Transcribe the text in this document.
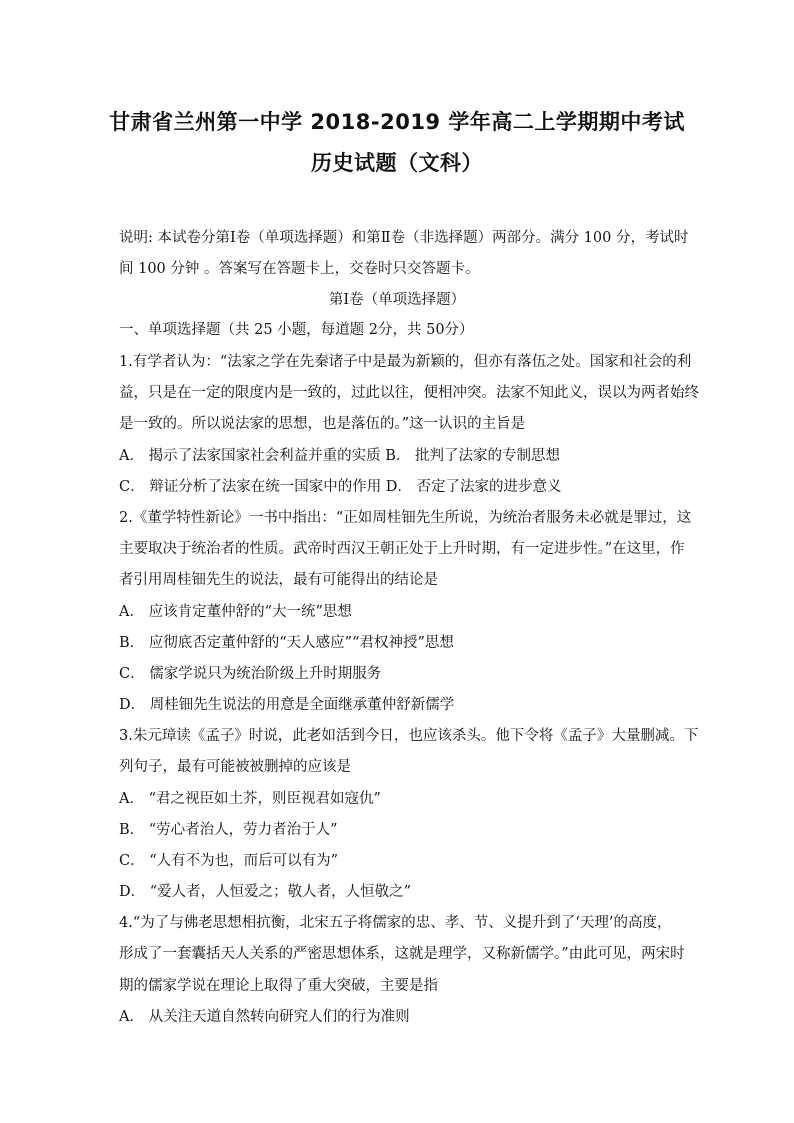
甘肃省兰州第一中学 2018-2019 学年高二上学期期中考试
历史试题（文科）
说明: 本试卷分第Ⅰ卷（单项选择题）和第Ⅱ卷（非选择题）两部分。满分 100 分，考试时
间 100 分钟 。答案写在答题卡上，交卷时只交答题卡。
第Ⅰ卷（单项选择题）
一、单项选择题（共 25 小题，每道题 2分，共 50分）
1.有学者认为：“法家之学在先秦诸子中是最为新颖的，但亦有落伍之处。国家和社会的利
益，只是在一定的限度内是一致的，过此以往，便相冲突。法家不知此义，误以为两者始终
是一致的。所以说法家的思想，也是落伍的。”这一认识的主旨是
A． 揭示了法家国家社会利益并重的实质 B． 批判了法家的专制思想
C． 辩证分析了法家在统一国家中的作用 D． 否定了法家的进步意义
2.《董学特性新论》一书中指出：“正如周桂钿先生所说，为统治者服务未必就是罪过，这
主要取决于统治者的性质。武帝时西汉王朝正处于上升时期，有一定进步性。”在这里，作
者引用周桂钿先生的说法，最有可能得出的结论是
A． 应该肯定董仲舒的“大一统”思想
B． 应彻底否定董仲舒的“天人感应”“君权神授”思想
C． 儒家学说只为统治阶级上升时期服务
D． 周桂钿先生说法的用意是全面继承董仲舒新儒学
3.朱元璋读《孟子》时说，此老如活到今日，也应该杀头。他下令将《孟子》大量删减。下
列句子，最有可能被被删掉的应该是
A． “君之视臣如土芥，则臣视君如寇仇”
B． “劳心者治人，劳力者治于人”
C． “人有不为也，而后可以有为”
D． “爱人者，人恒爱之；敬人者，人恒敬之”
4.“为了与佛老思想相抗衡，北宋五子将儒家的忠、孝、节、义提升到了‘天理’的高度，
形成了一套囊括天人关系的严密思想体系，这就是理学，又称新儒学。”由此可见，两宋时
期的儒家学说在理论上取得了重大突破，主要是指
A． 从关注天道自然转向研究人们的行为准则
